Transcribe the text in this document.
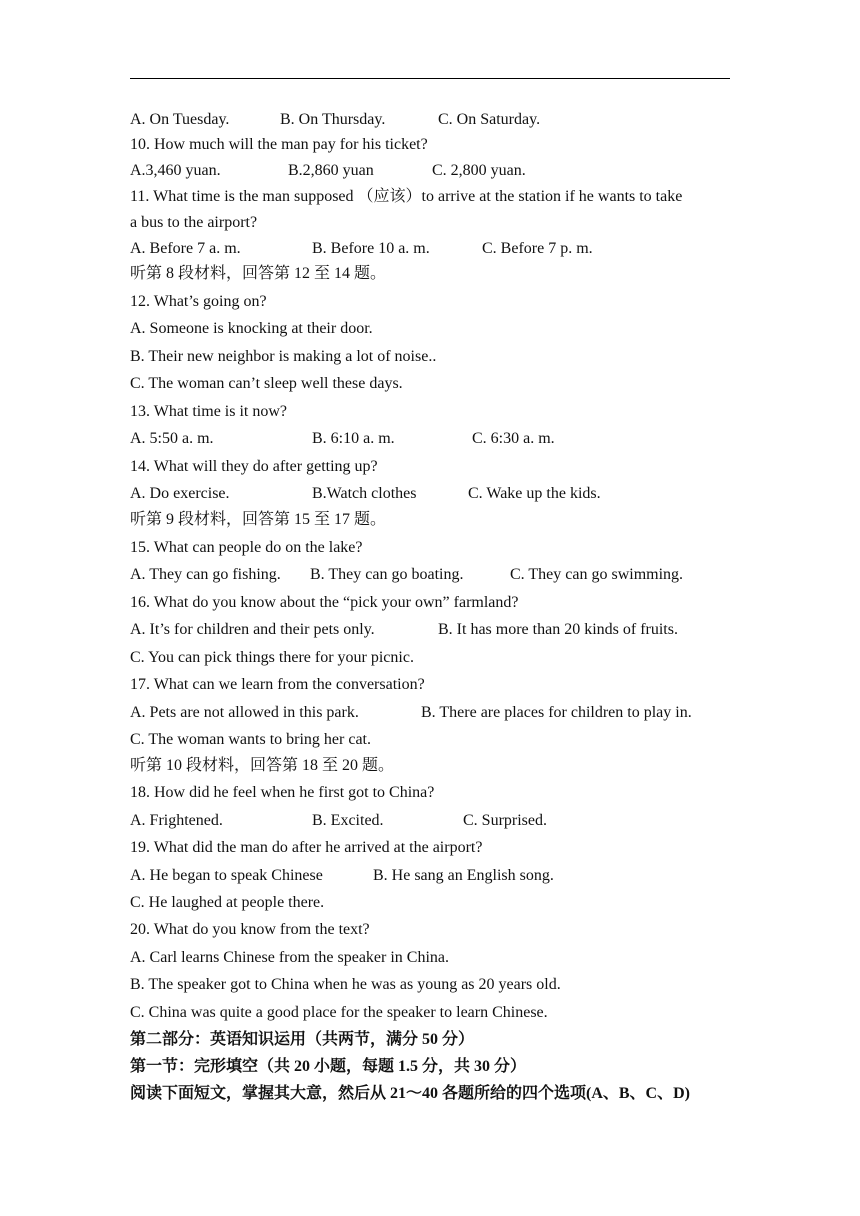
A. On Tuesday.	B. On Thursday.	C. On Saturday.
10. How much will the man pay for his ticket?
A.3,460 yuan.	B.2,860 yuan	C. 2,800 yuan.
11. What time is the man supposed （应该）to arrive at the station if he wants to take
a bus to the airport?
A. Before 7 a. m.	B. Before 10 a. m.	C. Before 7 p. m.
听第 8 段材料，回答第 12 至 14 题。
12. What’s going on?
A. Someone is knocking at their door.
B. Their new neighbor is making a lot of noise..
C. The woman can’t sleep well these days.
13. What time is it now?
A. 5:50 a. m.	B. 6:10 a. m.	C. 6:30 a. m.
14. What will they do after getting up?
A. Do exercise.	B.Watch clothes	C. Wake up the kids.
听第 9 段材料，回答第 15 至 17 题。
15. What can people do on the lake?
A. They can go fishing. B. They can go boating.	C. They can go swimming.
16. What do you know about the “pick your own” farmland?
A. It’s for children and their pets only.	B. It has more than 20 kinds of fruits.
C. You can pick things there for your picnic.
17. What can we learn from the conversation?
A. Pets are not allowed in this park.	B. There are places for children to play in.
C. The woman wants to bring her cat.
听第 10 段材料，回答第 18 至 20 题。
18. How did he feel when he first got to China?
A. Frightened.	B. Excited.	C. Surprised.
19. What did the man do after he arrived at the airport?
A. He began to speak Chinese	B. He sang an English song.
C. He laughed at people there.
20. What do you know from the text?
A. Carl learns Chinese from the speaker in China.
B. The speaker got to China when he was as young as 20 years old.
C. China was quite a good place for the speaker to learn Chinese.
第二部分：英语知识运用（共两节，满分 50 分）
第一节：完形填空（共 20 小题，每题 1.5 分，共 30 分）
阅读下面短文，掌握其大意，然后从 21～40 各题所给的四个选项(A、B、C、D)
